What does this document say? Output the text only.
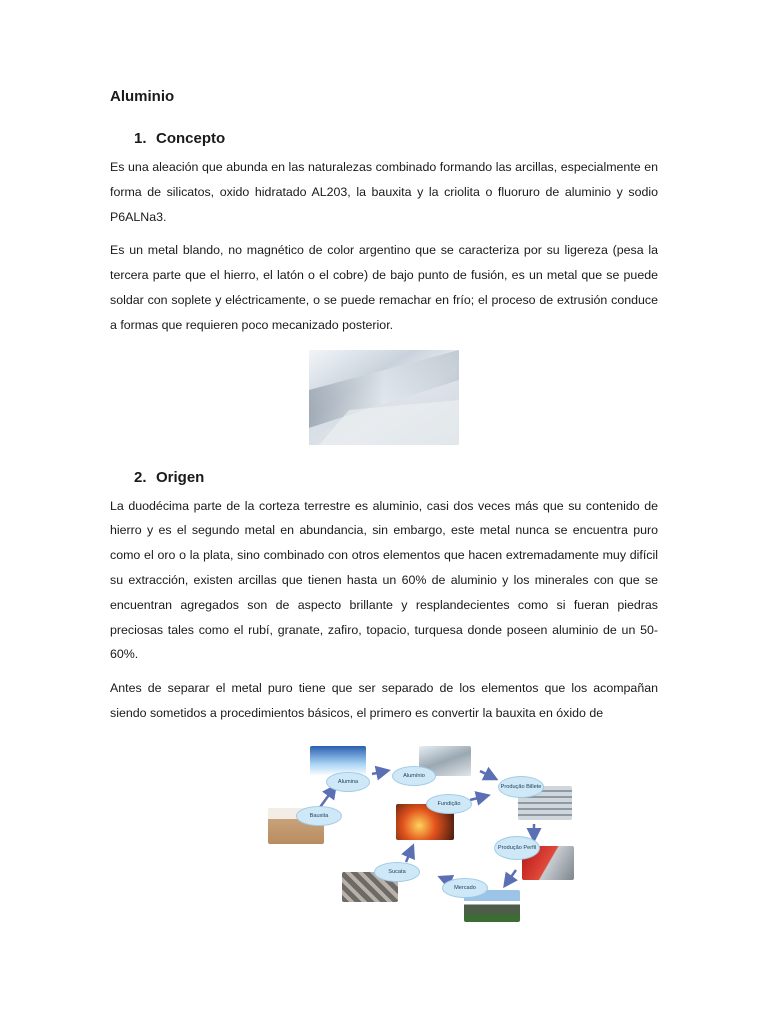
Aluminio
1. Concepto

Es una aleación que abunda en las naturalezas combinado formando las arcillas, especialmente en forma de silicatos, oxido hidratado AL203, la bauxita y la criolita o fluoruro de aluminio y sodio P6ALNa3.

Es un metal blando, no magnético de color argentino que se caracteriza por su ligereza (pesa la tercera parte que el hierro, el latón o el cobre) de bajo punto de fusión, es un metal que se puede soldar con soplete y eléctricamente, o se puede remachar en frío; el proceso de extrusión conduce a formas que requieren poco mecanizado posterior.

2. Origen

La duodécima parte de la corteza terrestre es aluminio, casi dos veces más que su contenido de hierro y es el segundo metal en abundancia, sin embargo, este metal nunca se encuentra puro como el oro o la plata, sino combinado con otros elementos que hacen extremadamente muy difícil su extracción, existen arcillas que tienen hasta un 60% de aluminio y los minerales con que se encuentran agregados son de aspecto brillante y resplandecientes como si fueran piedras preciosas tales como el rubí, granate, zafiro, topacio, turquesa donde poseen aluminio de un 50-60%.

Antes de separar el metal puro tiene que ser separado de los elementos que los acompañan siendo sometidos a procedimientos básicos, el primero es convertir la bauxita en óxido de

Alumina
Alumínio
Produção Billete
Bauxita
Fundição
Produção Perfil
Sucata
Mercado
